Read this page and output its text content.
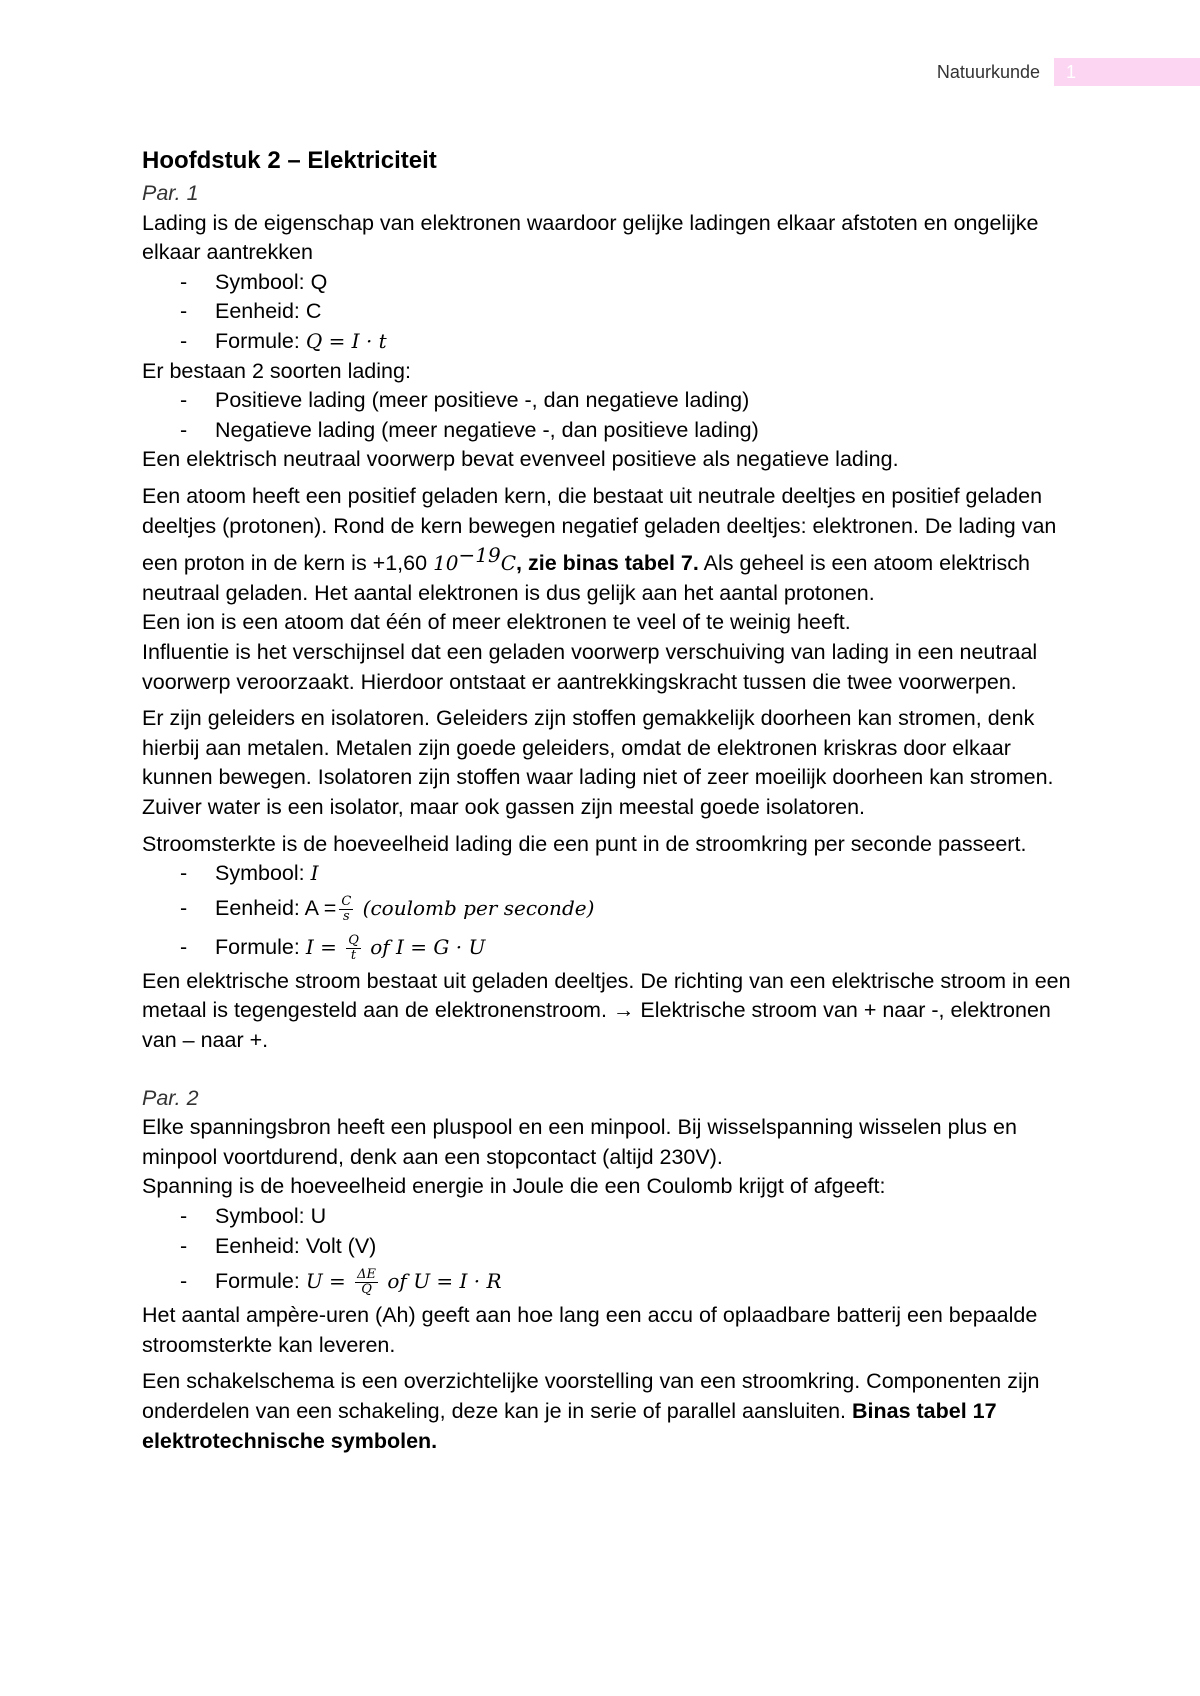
Natuurkunde	1
Hoofdstuk 2 – Elektriciteit

Par. 1

Lading is de eigenschap van elektronen waardoor gelijke ladingen elkaar afstoten en ongelijke elkaar aantrekken

- Symbool: Q
- Eenheid: C
- Formule: Q = I · t

Er bestaan 2 soorten lading:

- Positieve lading (meer positieve -, dan negatieve lading)
- Negatieve lading (meer negatieve -, dan positieve lading)

Een elektrisch neutraal voorwerp bevat evenveel positieve als negatieve lading.

Een atoom heeft een positief geladen kern, die bestaat uit neutrale deeltjes en positief geladen deeltjes (protonen). Rond de kern bewegen negatief geladen deeltjes: elektronen. De lading van een proton in de kern is +1,60 $10^{-19}C$, zie binas tabel 7. Als geheel is een atoom elektrisch neutraal geladen. Het aantal elektronen is dus gelijk aan het aantal protonen.

Een ion is een atoom dat één of meer elektronen te veel of te weinig heeft.

Influentie is het verschijnsel dat een geladen voorwerp verschuiving van lading in een neutraal voorwerp veroorzaakt. Hierdoor ontstaat er aantrekkingskracht tussen die twee voorwerpen.

Er zijn geleiders en isolatoren. Geleiders zijn stoffen gemakkelijk doorheen kan stromen, denk hierbij aan metalen. Metalen zijn goede geleiders, omdat de elektronen kriskras door elkaar kunnen bewegen. Isolatoren zijn stoffen waar lading niet of zeer moeilijk doorheen kan stromen. Zuiver water is een isolator, maar ook gassen zijn meestal goede isolatoren.

Stroomsterkte is de hoeveelheid lading die een punt in de stroomkring per seconde passeert.

- Symbool: I
- Eenheid: $A = \frac{C}{s}$ (coulomb per seconde)
- Formule: $I = \frac{Q}{t}$ of I = G · U

Een elektrische stroom bestaat uit geladen deeltjes. De richting van een elektrische stroom in een metaal is tegengesteld aan de elektronenstroom. → Elektrische stroom van + naar -, elektronen van – naar +.

Par. 2

Elke spanningsbron heeft een pluspool en een minpool. Bij wisselspanning wisselen plus en minpool voortdurend, denk aan een stopcontact (altijd 230V).

Spanning is de hoeveelheid energie in Joule die een Coulomb krijgt of afgeeft:

- Symbool: U
- Eenheid: Volt (V)
- Formule: $U = \frac{\Delta E}{Q}$ of U = I · R

Het aantal ampère-uren (Ah) geeft aan hoe lang een accu of oplaadbare batterij een bepaalde stroomsterkte kan leveren.

Een schakelschema is een overzichtelijke voorstelling van een stroomkring. Componenten zijn onderdelen van een schakeling, deze kan je in serie of parallel aansluiten. Binas tabel 17 elektrotechnische symbolen.
